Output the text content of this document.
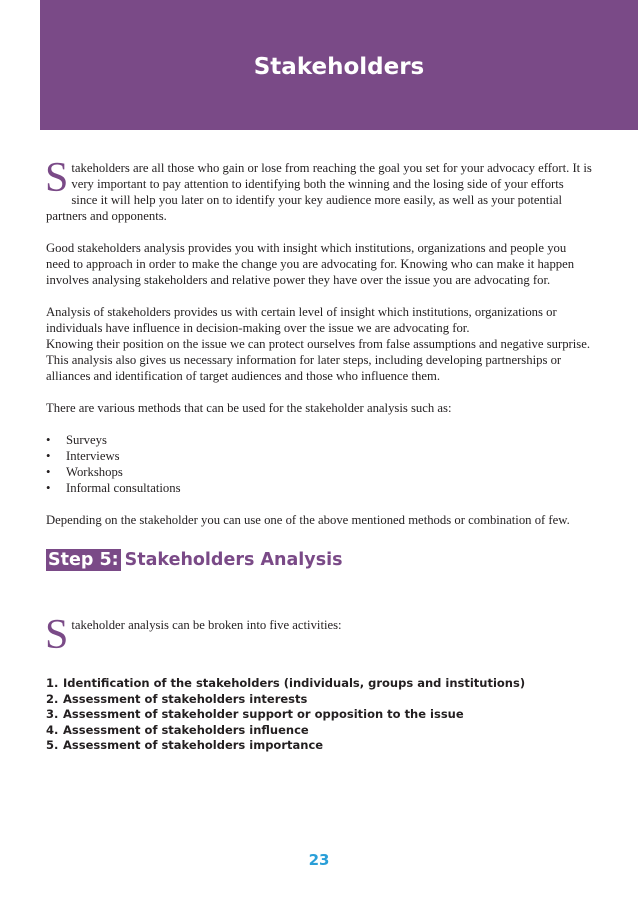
Stakeholders

Stakeholders are all those who gain or lose from reaching the goal you set for your advocacy effort. It is very important to pay attention to identifying both the winning and the losing side of your efforts since it will help you later on to identify your key audience more easily, as well as your potential partners and opponents.

Good stakeholders analysis provides you with insight which institutions, organizations and people you need to approach in order to make the change you are advocating for. Knowing who can make it happen involves analysing stakeholders and relative power they have over the issue you are advocating for.

Analysis of stakeholders provides us with certain level of insight which institutions, organizations or individuals have influence in decision-making over the issue we are advocating for.

Knowing their position on the issue we can protect ourselves from false assumptions and negative surprise. This analysis also gives us necessary information for later steps, including developing partnerships or alliances and identification of target audiences and those who influence them.

There are various methods that can be used for the stakeholder analysis such as:

• Surveys
• Interviews
• Workshops
• Informal consultations

Depending on the stakeholder you can use one of the above mentioned methods or combination of few.

Step 5: Stakeholders Analysis

Stakeholder analysis can be broken into five activities:

1. Identification of the stakeholders (individuals, groups and institutions)
2. Assessment of stakeholders interests
3. Assessment of stakeholder support or opposition to the issue
4. Assessment of stakeholders influence
5. Assessment of stakeholders importance
23
